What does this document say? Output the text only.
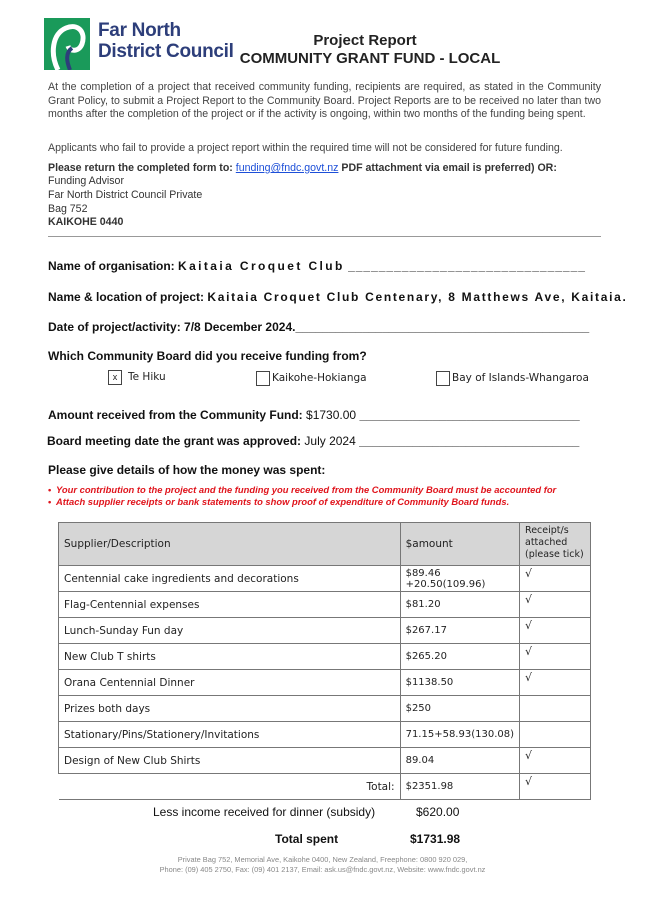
Far North
District Council
Project Report
COMMUNITY GRANT FUND - LOCAL
At the completion of a project that received community funding, recipients are required, as stated in the Community Grant Policy, to submit a Project Report to the Community Board. Project Reports are to be received no later than two months after the completion of the project or if the activity is ongoing, within two months of the funding being spent.
Applicants who fail to provide a project report within the required time will not be considered for future funding.
Please return the completed form to: funding@fndc.govt.nz PDF attachment via email is preferred) OR:
Funding Advisor
Far North District Council Private
Bag 752
KAIKOHE 0440
Name of organisation: Kaitaia Croquet Club _______________________________
Name & location of project: Kaitaia Croquet Club Centenary, 8 Matthews Ave, Kaitaia.
Date of project/activity: 7/8 December 2024.____________________________________________
Which Community Board did you receive funding from?
x	Te Hiku	Kaikohe-Hokianga	Bay of Islands-Whangaroa
Amount received from the Community Fund: $1730.00 _________________________________
Board meeting date the grant was approved: July 2024 _________________________________
Please give details of how the money was spent:
• Your contribution to the project and the funding you received from the Community Board must be accounted for
• Attach supplier receipts or bank statements to show proof of expenditure of Community Board funds.
Supplier/Description	$amount	Receipt/s attached (please tick)
Centennial cake ingredients and decorations	$89.46 +20.50(109.96)	√
Flag-Centennial expenses	$81.20	√
Lunch-Sunday Fun day	$267.17	√
New Club T shirts	$265.20	√
Orana Centennial Dinner	$1138.50	√
Prizes both days	$250	
Stationary/Pins/Stationery/Invitations	71.15+58.93(130.08)	
Design of New Club Shirts	89.04	√
Total:	$2351.98	√
Less income received for dinner (subsidy)	$620.00
Total spent	$1731.98
Private Bag 752, Memorial Ave, Kaikohe 0400, New Zealand, Freephone: 0800 920 029,
Phone: (09) 405 2750, Fax: (09) 401 2137, Email: ask.us@fndc.govt.nz, Website: www.fndc.govt.nz
